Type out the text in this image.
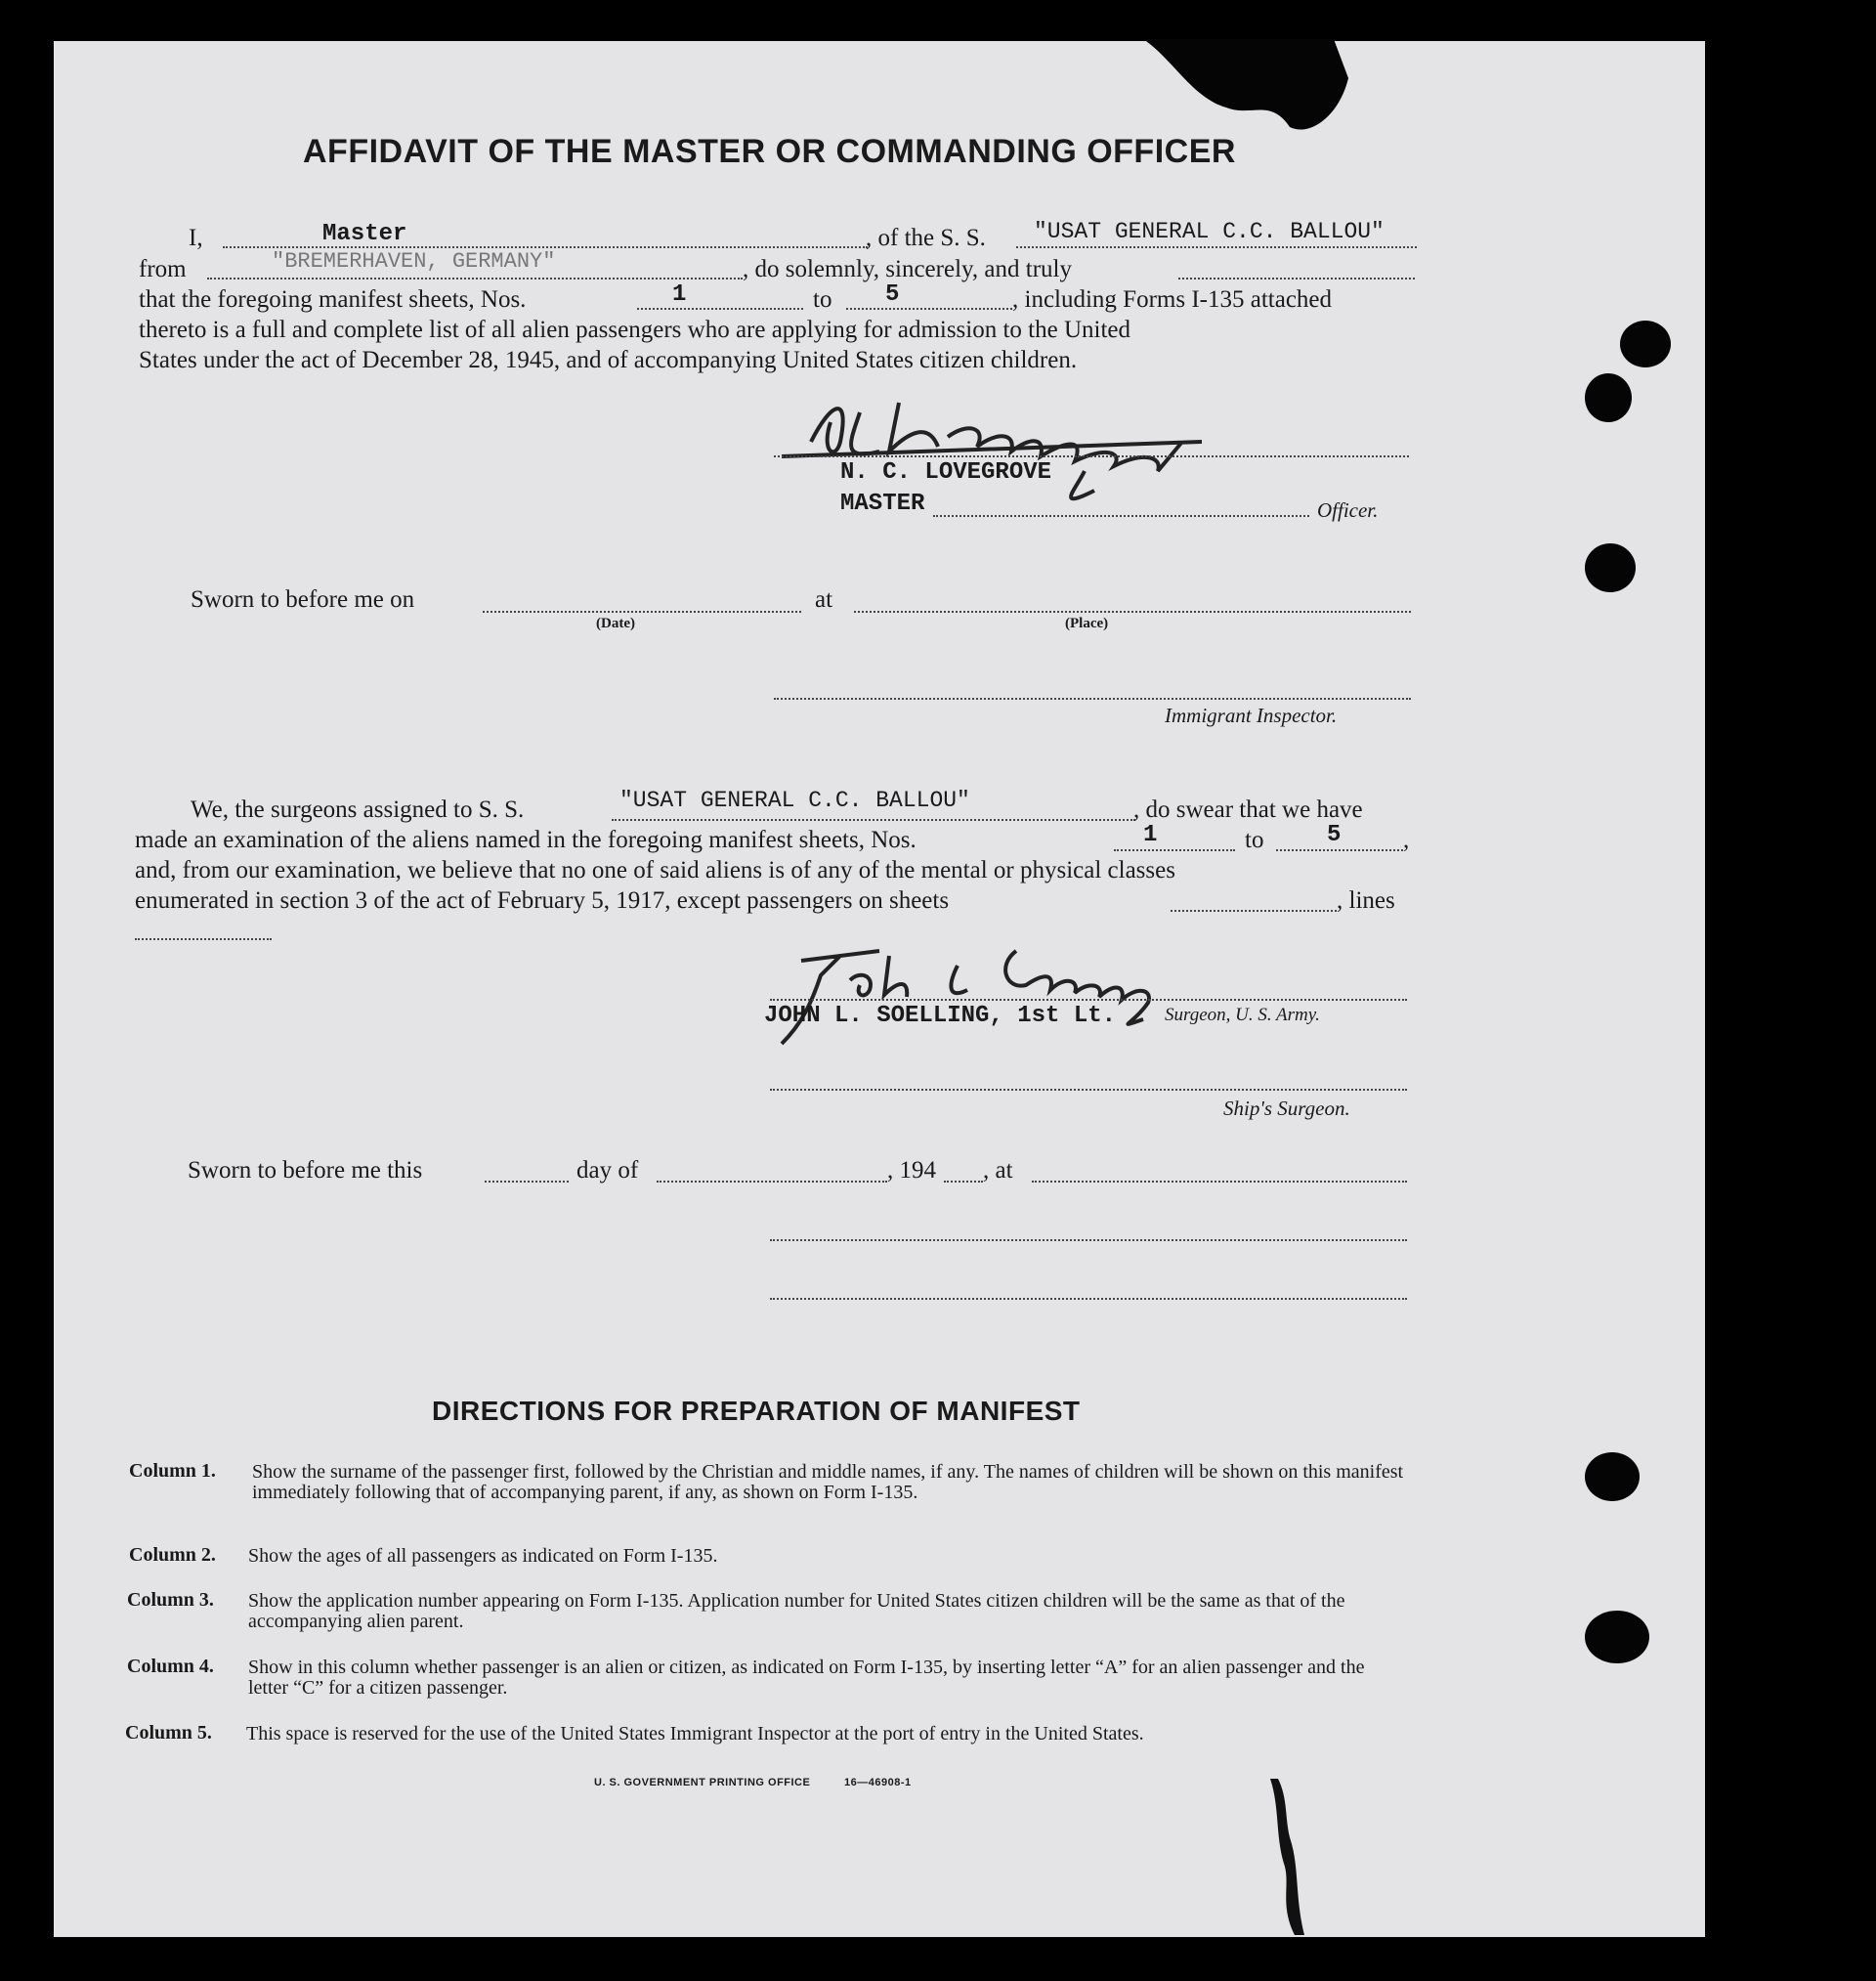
AFFIDAVIT OF THE MASTER OR COMMANDING OFFICER
I,	Master	, of the S. S. "USAT GENERAL C.C. BALLOU"
from	"BREMERHAVEN, GERMANY"	, do solemnly, sincerely, and truly
that the foregoing manifest sheets, Nos.	1	to 5	, including Forms I-135 attached
thereto is a full and complete list of all alien passengers who are applying for admission to the United
States under the act of December 28, 1945, and of accompanying United States citizen children.
N. C. LOVEGROVE
MASTER	Officer.
Sworn to before me on
(Date)
at
(Place)
Immigrant Inspector.
We, the surgeons assigned to S. S.	"USAT GENERAL C.C. BALLOU"	, do swear that we have
made an examination of the aliens named in the foregoing manifest sheets, Nos.	1	to	5	,
and, from our examination, we believe that no one of said aliens is of any of the mental or physical classes
enumerated in section 3 of the act of February 5, 1917, except passengers on sheets	, lines
JOHN L. SOELLING, 1st Lt.	Surgeon, U. S. Army.
Ship's Surgeon.
Sworn to before me this	day of	, 194 , at
DIRECTIONS FOR PREPARATION OF MANIFEST
Column 1. Show the surname of the passenger first, followed by the Christian and middle names, if any. The names of children will be shown on this manifest immediately following that of accompanying parent, if any, as shown on Form I-135.
Column 2. Show the ages of all passengers as indicated on Form I-135.
Column 3. Show the application number appearing on Form I-135. Application number for United States citizen children will be the same as that of the accompanying alien parent.
Column 4. Show in this column whether passenger is an alien or citizen, as indicated on Form I-135, by inserting letter “A” for an alien passenger and the letter “C” for a citizen passenger.
Column 5. This space is reserved for the use of the United States Immigrant Inspector at the port of entry in the United States.
U. S. GOVERNMENT PRINTING OFFICE	16—46908-1
